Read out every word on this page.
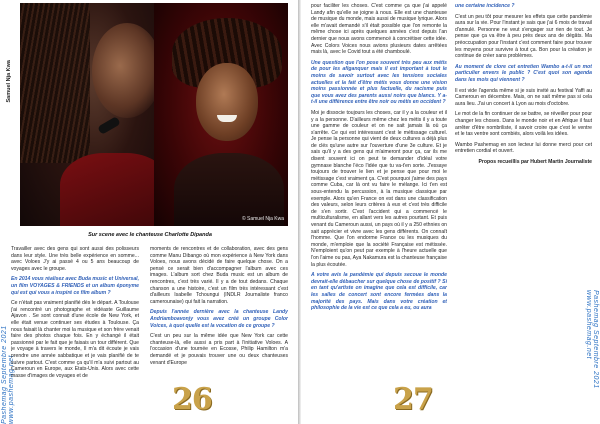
© Samuel Nja Kwa
Samuel Nja Kwa
Sur scene avec le chanteuse Charlotte Dipanda
Pashemag Septembre 2021 www.pashemag.net

Travailler avec des gens qui sont aussi des polisseurs dans leur style. Une très belle expérience en somme... avec Voloes J'y ai passé 4 ou 5 ans beaucoup de voyages avec le groupe.

En 2014 vous réalisez avec Buda music et Universal, un film VOYAGES & FRIENDS et un album éponyme qui est qui vous a inspiré ce film album ?

Ce n'était pas vraiment planifié dès le départ. A Toulouse j'ai rencontré un photographe et vidéaste Guillaume Ajavon . Se sont connait d'une école de New York, et elle était venue continuer ses études à Toulouse. Ça nous faisait là chanter moi la musique et son frère venait faire des photos chaque fois. En y échangé il était passionné par le fait que je faisais un tour différent. Que je voyage à travers le monde, Il m'a dit écoute je vais prendre une année sabbatique et je vais planifié de te suivre partout. C'est comme ça qu'il m'a suivi partout au Cameroun en Europe, aux Etats-Unis. Alors avec cette masse d'images de voyages et de

moments de rencontres et de collaboration, avec des gens comme Manu Dibango où mon expérience à New York dans Voloes, nous avons décidé de faire quelque chose. On a pensé ce serait bien d'accompagner l'album avec ces images. L'album sort chez Buda music est un album de rencontres, c'est très varié. Il y a de tout dedans. Chaque chanson a une histoire, c'est un film très intéressant c'est d'ailleurs Isabelle Tchoungui (INDLR Journaliste franco camerounaise) qui fait la narration.

Depuis l'année dernière avec la chanteuse Landy Andriamboavonjy vous avez créé un groupe Color Voices, à quoi quelle est la vocation de ce groupe ?

C'est un peu sur la même idée que New York car cette chanteuse-là, elle aussi a pris part à l'initiative Voloes. A l'occasion d'une tournée en Ecosse, Philip Hamilton m'a demandé et je pouvais trouver une ou deux chanteuses venant d'Europe

26

pour faciliter les choses. C'est comme ça que j'ai appelé Landy afin qu'elle se joigne à nous. Elle est une chanteuse de musique du monde, mais aussi de musique lyrique. Alors elle m'avait demandé s'il était possible que l'on remonte la même chose ici après quelques années c'est depuis l'an dernier que nous avons commencé à concrétiser cette idée. Avec Colors Voices nous avions plusieurs dates arrêtées mais là, avec le Covid tout a été chamboulé.

Une question que l'on pose souvent très peu aux métis de pour les afiganquer mais il est important à tout le moins de savoir surtout avec les tensions sociales actuelles et la fait d'être métis vous donne une vision moins passionnée et plus factuelle, du racisme puis que vous avez des parents aussi noirs que blancs. Y a-t-il une différence entre être noir ou métis en occident ?

Moi je dissocie toujours les choses, car il y a la couleur et il y a la personne. D'ailleurs même chez les métis il y a toute une gamme de couleur et on ne sait jamais là où ça s'arrête. Ce qui est intéressant c'est le métissage culturel. Je pense la personne qui vient de deux cultures a déjà plus de clés qu'une autre sur l'ouverture d'une 3e culture. Et je sais qu'il y a des gens qui m'aimeront pour ça, car ils me disent souvent ici on peut te demander d'idéal votre gymnase blanche l'éco l'idée que tu va-t'en sorte. J'essaye toujours de trouver le lien et je pense que pour moi le métissage c'est vraiment ça. C'est pourquoi j'aime des pays comme Cuba, car là ont vu faire le mélange. Ici t'en est sous-entendu la percussion, à la musique classique par exemple. Alors qu'en France on est dans une classification des valeurs, selon leurs critères à eux et c'est très difficile de s'en sortir. C'est l'accident qui a commencé le multiculturalisme, en allant vers les autres pourtant. Et puis venant du Cameroun aussi, un pays où il y a 250 ethnies on sait apprécier et vivre avec les gens différents. On connaît l'homme. Que l'on endorme France ou les musiques du monde, m'emploie que la société Française est métissée. N'emploient qu'on peut par exemple à l'heure actuelle que l'on l'aime ou pas, Aya Nakamura est la chanteuse française la plus écoutée.

A votre avis la pandémie qui depuis secoue le monde devrait-elle débaucher sur quelque chose de positif ? Si en tant qu'artiste on imagine que cela est difficile, car les salles de concert sont encore fermées dans la majorité des pays. Mais dans votre création et philosophie de la vie est ce que cela a eu, ou aura

une certaine incidence ?

C'est un peu tôt pour mesurer les effets que cette pandémie aura sur la vie. Pour l'instant je sais que j'ai 6 mois de travail d'annulé. Personne ne veut s'engager sur rien de tout. Je pense que ça va être à peu près deux ans de dégâts. Ma préoccupation pour l'instant c'est comment faire pour trouver les moyens pour survivre à tout ça. Bon pour la création je continue de créer sans problèmes.

Au moment de clore cet entretien Wambo a-t-il un mot particulier envers le public ? C'est quoi son agenda dans les mois qui viennent ?

Il est vide l'agenda même si je suis invité au festival Yaffi au Cameroun en décembre. Mais, on ne sait même pas si cela aura lieu. J'ai un concert à Lyon au mois d'octobre.

Le mot de la fin continuer de se battre, se réveiller pour pour changer les choses. Dans le monde noir et en Afrique il faut arrêter d'être nombriliste, il savoir croire que c'est le ventre et le tas ventre sont combiés, alors voilà les idées.

Wambo Pashemag en son lecteur lui donne merci pour cet entretien cordial et ouvert.

Propos recueillis par Hubert Martin Journaliste

Pashemag Septembre 2021 www.pashemag.net
27
